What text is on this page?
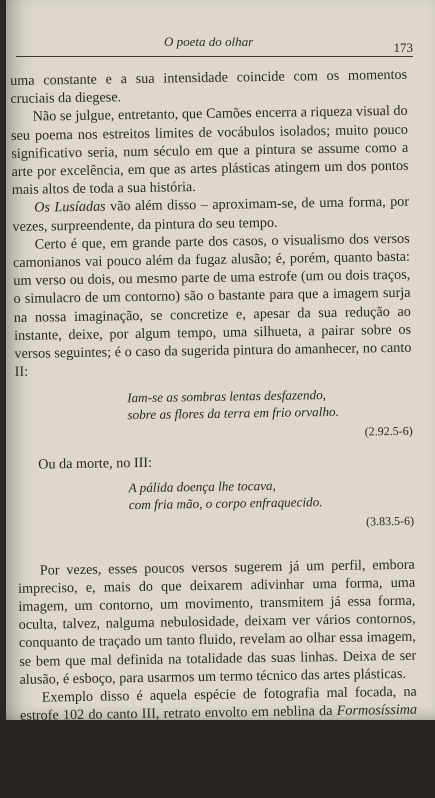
O poeta do olhar	173

uma constante e a sua intensidade coincide com os momentos cruciais da diegese.

Não se julgue, entretanto, que Camões encerra a riqueza visual do seu poema nos estreitos limites de vocábulos isolados; muito pouco significativo seria, num século em que a pintura se assume como a arte por excelência, em que as artes plásticas atingem um dos pontos mais altos de toda a sua história.

Os Lusíadas vão além disso – aproximam-se, de uma forma, por vezes, surpreendente, da pintura do seu tempo.

Certo é que, em grande parte dos casos, o visualismo dos versos camonianos vai pouco além da fugaz alusão; é, porém, quanto basta: um verso ou dois, ou mesmo parte de uma estrofe (um ou dois traços, o simulacro de um contorno) são o bastante para que a imagem surja na nossa imaginação, se concretize e, apesar da sua redução ao instante, deixe, por algum tempo, uma silhueta, a pairar sobre os versos seguintes; é o caso da sugerida pintura do amanhecer, no canto II:

Iam-se as sombras lentas desfazendo,
sobre as flores da terra em frio orvalho.
(2.92.5-6)

Ou da morte, no III:

A pálida doença lhe tocava,
com fria mão, o corpo enfraquecido.
(3.83.5-6)

Por vezes, esses poucos versos sugerem já um perfil, embora impreciso, e, mais do que deixarem adivinhar uma forma, uma imagem, um contorno, um movimento, transmitem já essa forma, oculta, talvez, nalguma nebulosidade, deixam ver vários contornos, conquanto de traçado um tanto fluido, revelam ao olhar essa imagem, se bem que mal definida na totalidade das suas linhas. Deixa de ser alusão, é esboço, para usarmos um termo técnico das artes plásticas.

Exemplo disso é aquela espécie de fotografia mal focada, na estrofe 102 do canto III, retrato envolto em neblina da Formosíssima Maria, onde apenas um rosto, uma nuca, uns ombros parecem deixar ver algumas linhas (as linhas de um esboço); ou a gravura a traços rápidos do escorbuto, no canto V, óptima ilustração para livro de medicina tropical.
